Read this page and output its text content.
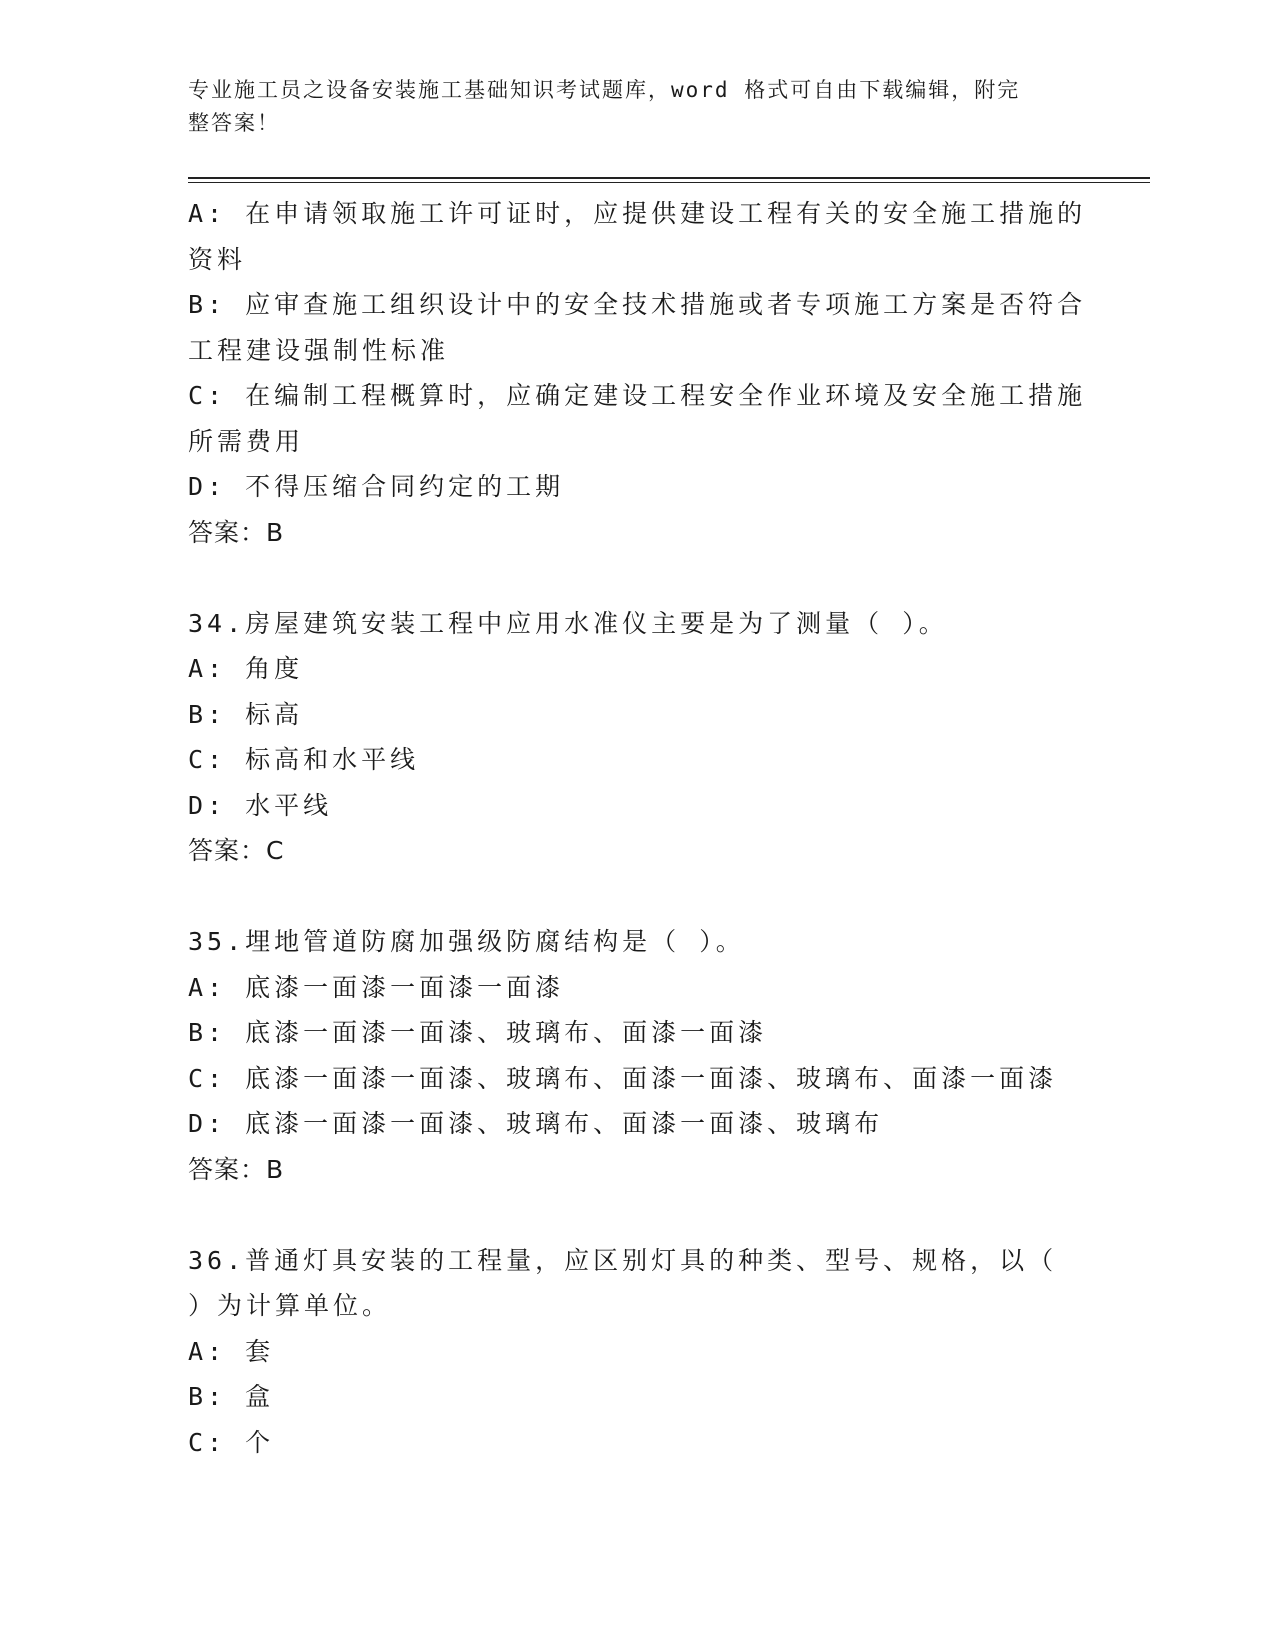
专业施工员之设备安装施工基础知识考试题库，word 格式可自由下载编辑，附完
整答案！

A: 在申请领取施工许可证时，应提供建设工程有关的安全施工措施的

资料

B: 应审查施工组织设计中的安全技术措施或者专项施工方案是否符合

工程建设强制性标准

C: 在编制工程概算时，应确定建设工程安全作业环境及安全施工措施

所需费用

D: 不得压缩合同约定的工期

答案：B

34.房屋建筑安装工程中应用水准仪主要是为了测量（ ）。

A: 角度

B: 标高

C: 标高和水平线

D: 水平线

答案：C

35.埋地管道防腐加强级防腐结构是（ ）。

A: 底漆一面漆一面漆一面漆

B: 底漆一面漆一面漆、玻璃布、面漆一面漆

C: 底漆一面漆一面漆、玻璃布、面漆一面漆、玻璃布、面漆一面漆

D: 底漆一面漆一面漆、玻璃布、面漆一面漆、玻璃布

答案：B

36.普通灯具安装的工程量，应区别灯具的种类、型号、规格，以（

）为计算单位。

A: 套

B: 盒

C: 个
